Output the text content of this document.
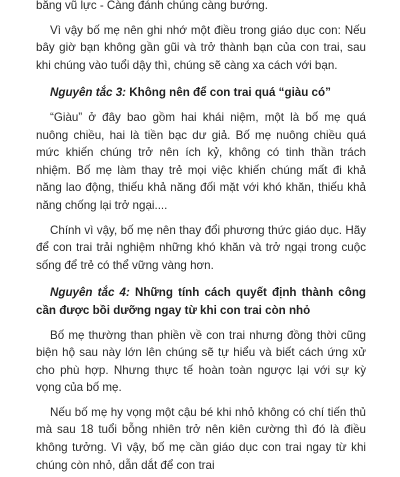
bằng vũ lực - Càng đánh chúng càng bướng.

Vì vậy bố mẹ nên ghi nhớ một điều trong giáo dục con: Nếu bây giờ bạn không gần gũi và trở thành bạn của con trai, sau khi chúng vào tuổi dậy thì, chúng sẽ càng xa cách với bạn.

Nguyên tắc 3: Không nên để con trai quá “giàu có”

“Giàu” ở đây bao gồm hai khái niệm, một là bố mẹ quá nuông chiều, hai là tiền bạc dư giả. Bố mẹ nuông chiều quá mức khiến chúng trở nên ích kỷ, không có tinh thần trách nhiệm. Bố mẹ làm thay trẻ mọi việc khiến chúng mất đi khả năng lao động, thiếu khả năng đối mặt với khó khăn, thiếu khả năng chống lại trở ngại....

Chính vì vậy, bố mẹ nên thay đổi phương thức giáo dục. Hãy để con trai trải nghiệm những khó khăn và trở ngại trong cuộc sống để trẻ có thể vững vàng hơn.

Nguyên tắc 4: Những tính cách quyết định thành công cần được bồi dưỡng ngay từ khi con trai còn nhỏ

Bố mẹ thường than phiền về con trai nhưng đồng thời cũng biện hộ sau này lớn lên chúng sẽ tự hiểu và biết cách ứng xử cho phù hợp. Nhưng thực tế hoàn toàn ngược lại với sự kỳ vọng của bố mẹ.

Nếu bố mẹ hy vọng một cậu bé khi nhỏ không có chí tiến thủ mà sau 18 tuổi bỗng nhiên trở nên kiên cường thì đó là điều không tưởng. Vì vậy, bố mẹ cần giáo dục con trai ngay từ khi chúng còn nhỏ, dẫn dắt để con trai
